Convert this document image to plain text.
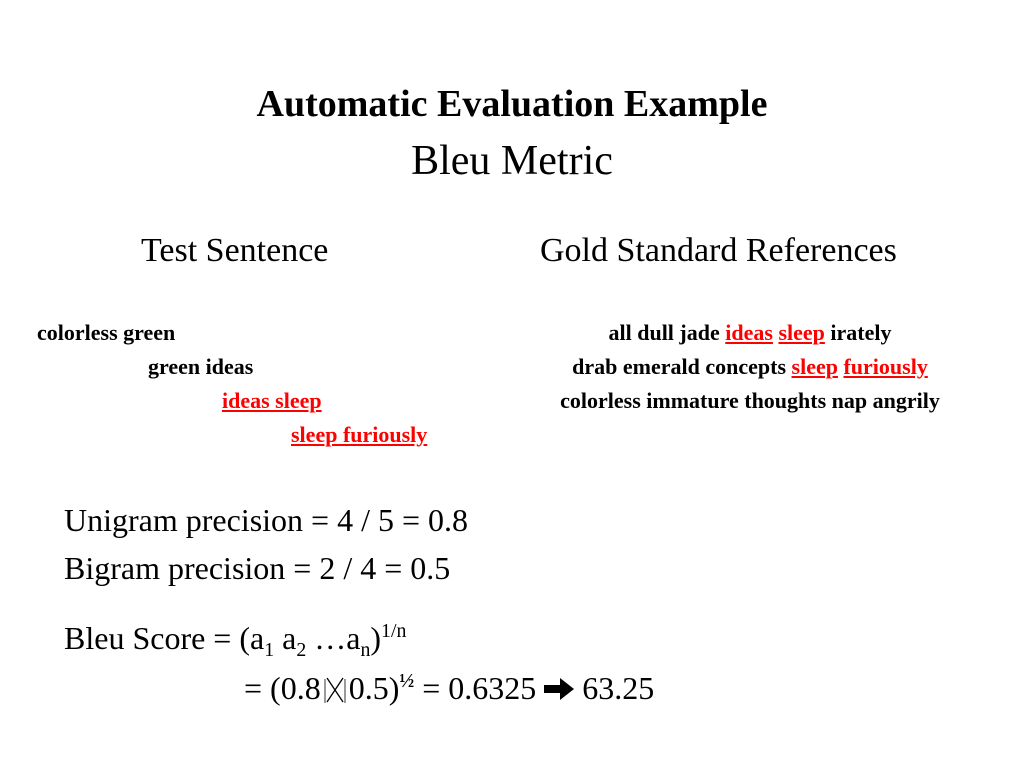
Automatic Evaluation Example
Bleu Metric
Test Sentence	Gold Standard References
colorless green
green ideas
ideas sleep
sleep furiously
all dull jade ideas sleep irately
drab emerald concepts sleep furiously
colorless immature thoughts nap angrily
Unigram precision = 4 / 5 = 0.8
Bigram precision = 2 / 4 = 0.5
Bleu Score = ($a_1$ $a_2$ $\dots a_n)^{1/n}$
= (0.8 0.5)$^{\frac{1}{2}}$ = 0.6325 63.25
